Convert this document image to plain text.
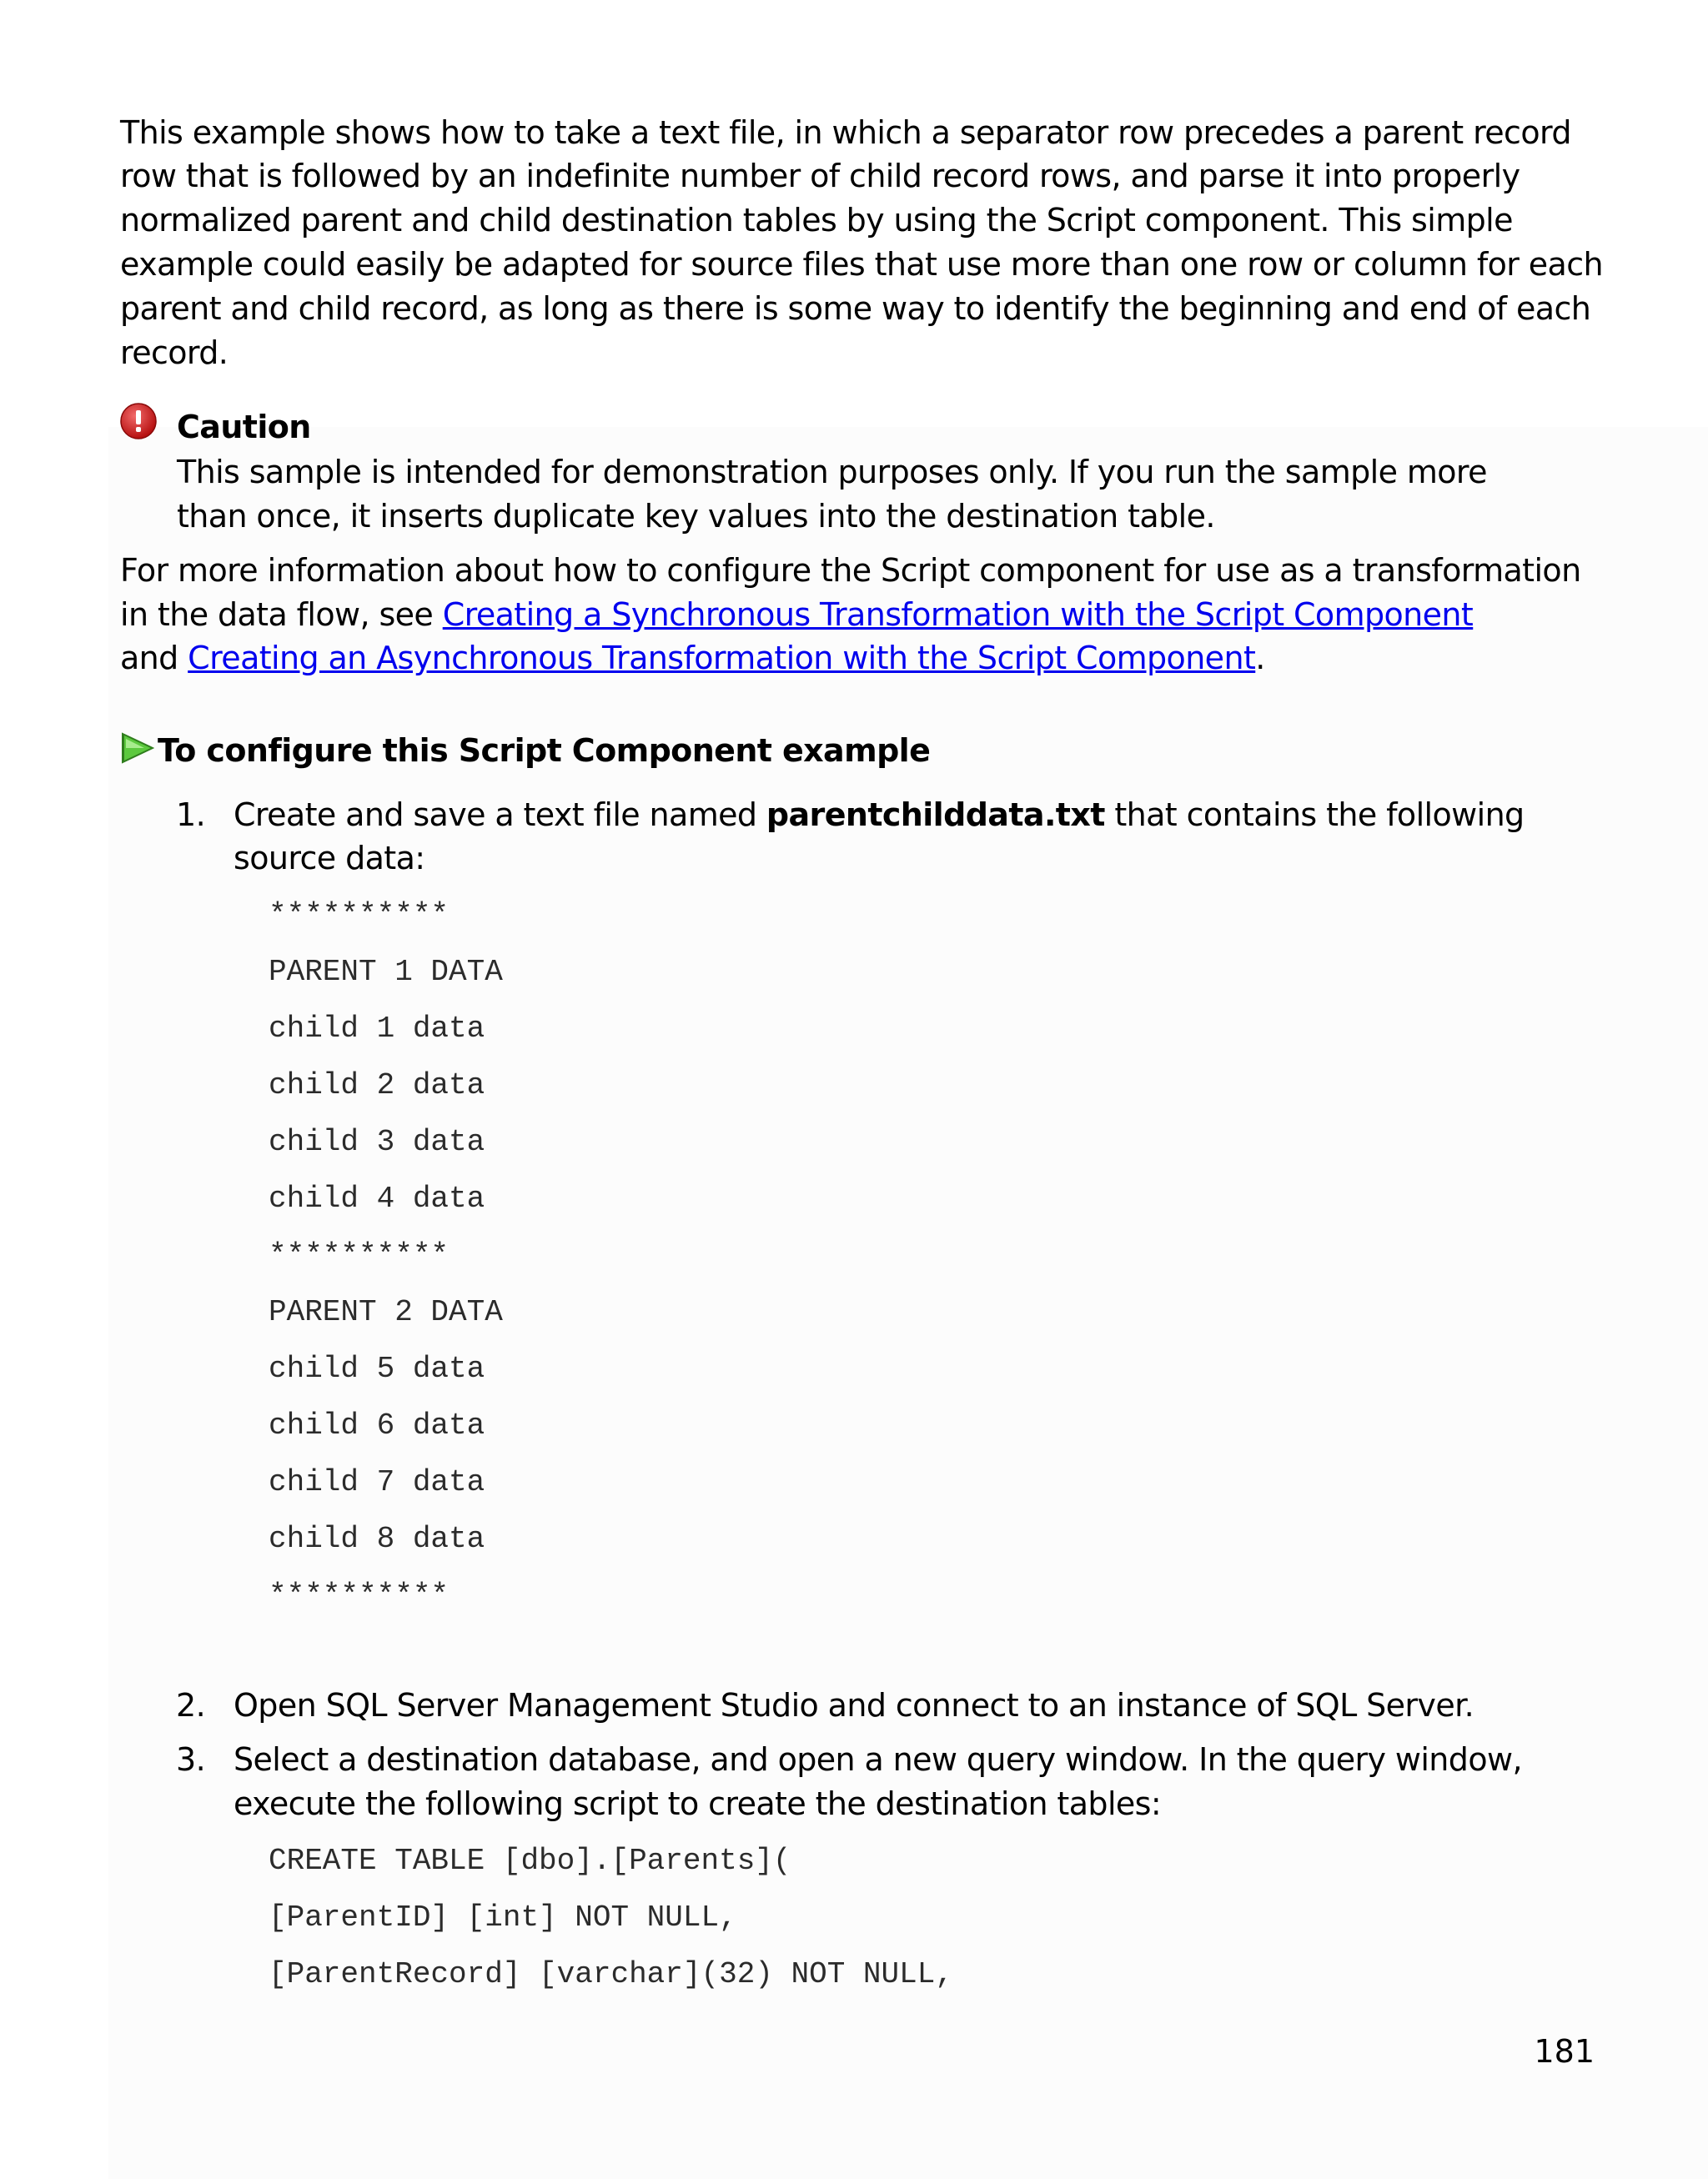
This example shows how to take a text file, in which a separator row precedes a parent record
row that is followed by an indefinite number of child record rows, and parse it into properly
normalized parent and child destination tables by using the Script component. This simple
example could easily be adapted for source files that use more than one row or column for each
parent and child record, as long as there is some way to identify the beginning and end of each
record.
Caution
This sample is intended for demonstration purposes only. If you run the sample more
than once, it inserts duplicate key values into the destination table.
For more information about how to configure the Script component for use as a transformation
in the data flow, see Creating a Synchronous Transformation with the Script Component
and Creating an Asynchronous Transformation with the Script Component.
To configure this Script Component example
1. Create and save a text file named parentchilddata.txt that contains the following
source data:
**********
PARENT 1 DATA
child 1 data
child 2 data
child 3 data
child 4 data
**********
PARENT 2 DATA
child 5 data
child 6 data
child 7 data
child 8 data
**********
2. Open SQL Server Management Studio and connect to an instance of SQL Server.
3. Select a destination database, and open a new query window. In the query window,
execute the following script to create the destination tables:
CREATE TABLE [dbo].[Parents](
[ParentID] [int] NOT NULL,
[ParentRecord] [varchar](32) NOT NULL,
181
